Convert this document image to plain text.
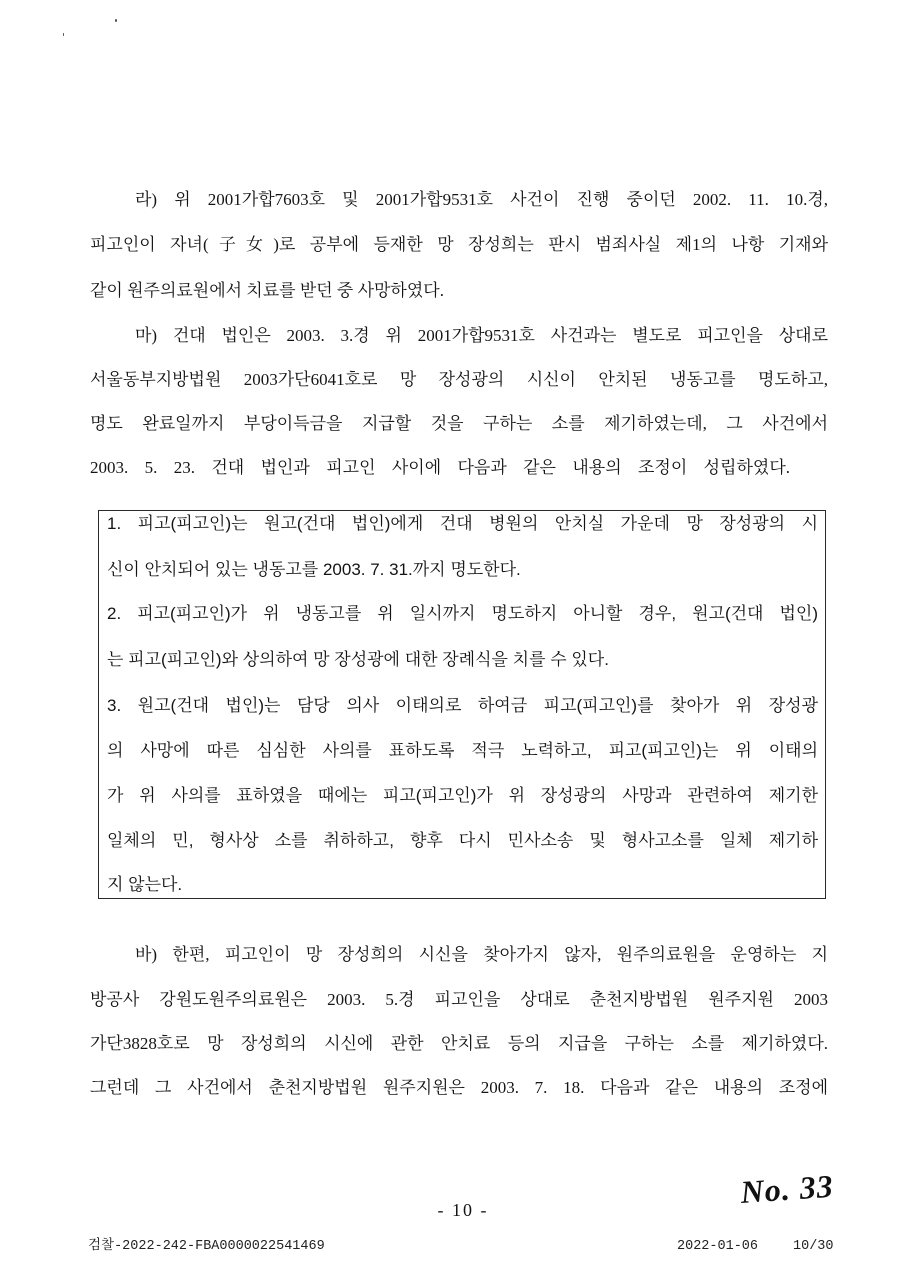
라) 위 2001가합7603호 및 2001가합9531호 사건이 진행 중이던 2002. 11. 10.경,
피고인이 자녀(子女)로 공부에 등재한 망 장성희는 판시 범죄사실 제1의 나항 기재와
같이 원주의료원에서 치료를 받던 중 사망하였다.
마) 건대 법인은 2003. 3.경 위 2001가합9531호 사건과는 별도로 피고인을 상대로
서울동부지방법원 2003가단6041호로 망 장성광의 시신이 안치된 냉동고를 명도하고,
명도 완료일까지 부당이득금을 지급할 것을 구하는 소를 제기하였는데, 그 사건에서
2003. 5. 23. 건대 법인과 피고인 사이에 다음과 같은 내용의 조정이 성립하였다.
1. 피고(피고인)는 원고(건대 법인)에게 건대 병원의 안치실 가운데 망 장성광의 시
신이 안치되어 있는 냉동고를 2003. 7. 31.까지 명도한다.
2. 피고(피고인)가 위 냉동고를 위 일시까지 명도하지 아니할 경우, 원고(건대 법인)
는 피고(피고인)와 상의하여 망 장성광에 대한 장례식을 치를 수 있다.
3. 원고(건대 법인)는 담당 의사 이태의로 하여금 피고(피고인)를 찾아가 위 장성광
의 사망에 따른 심심한 사의를 표하도록 적극 노력하고, 피고(피고인)는 위 이태의
가 위 사의를 표하였을 때에는 피고(피고인)가 위 장성광의 사망과 관련하여 제기한
일체의 민, 형사상 소를 취하하고, 향후 다시 민사소송 및 형사고소를 일체 제기하
지 않는다.
바) 한편, 피고인이 망 장성희의 시신을 찾아가지 않자, 원주의료원을 운영하는 지
방공사 강원도원주의료원은 2003. 5.경 피고인을 상대로 춘천지방법원 원주지원 2003
가단3828호로 망 장성희의 시신에 관한 안치료 등의 지급을 구하는 소를 제기하였다.
그런데 그 사건에서 춘천지방법원 원주지원은 2003. 7. 18. 다음과 같은 내용의 조정에
No. 33
- 10 -
검찰-2022-242-FBA0000022541469	2022-01-06	10/30
